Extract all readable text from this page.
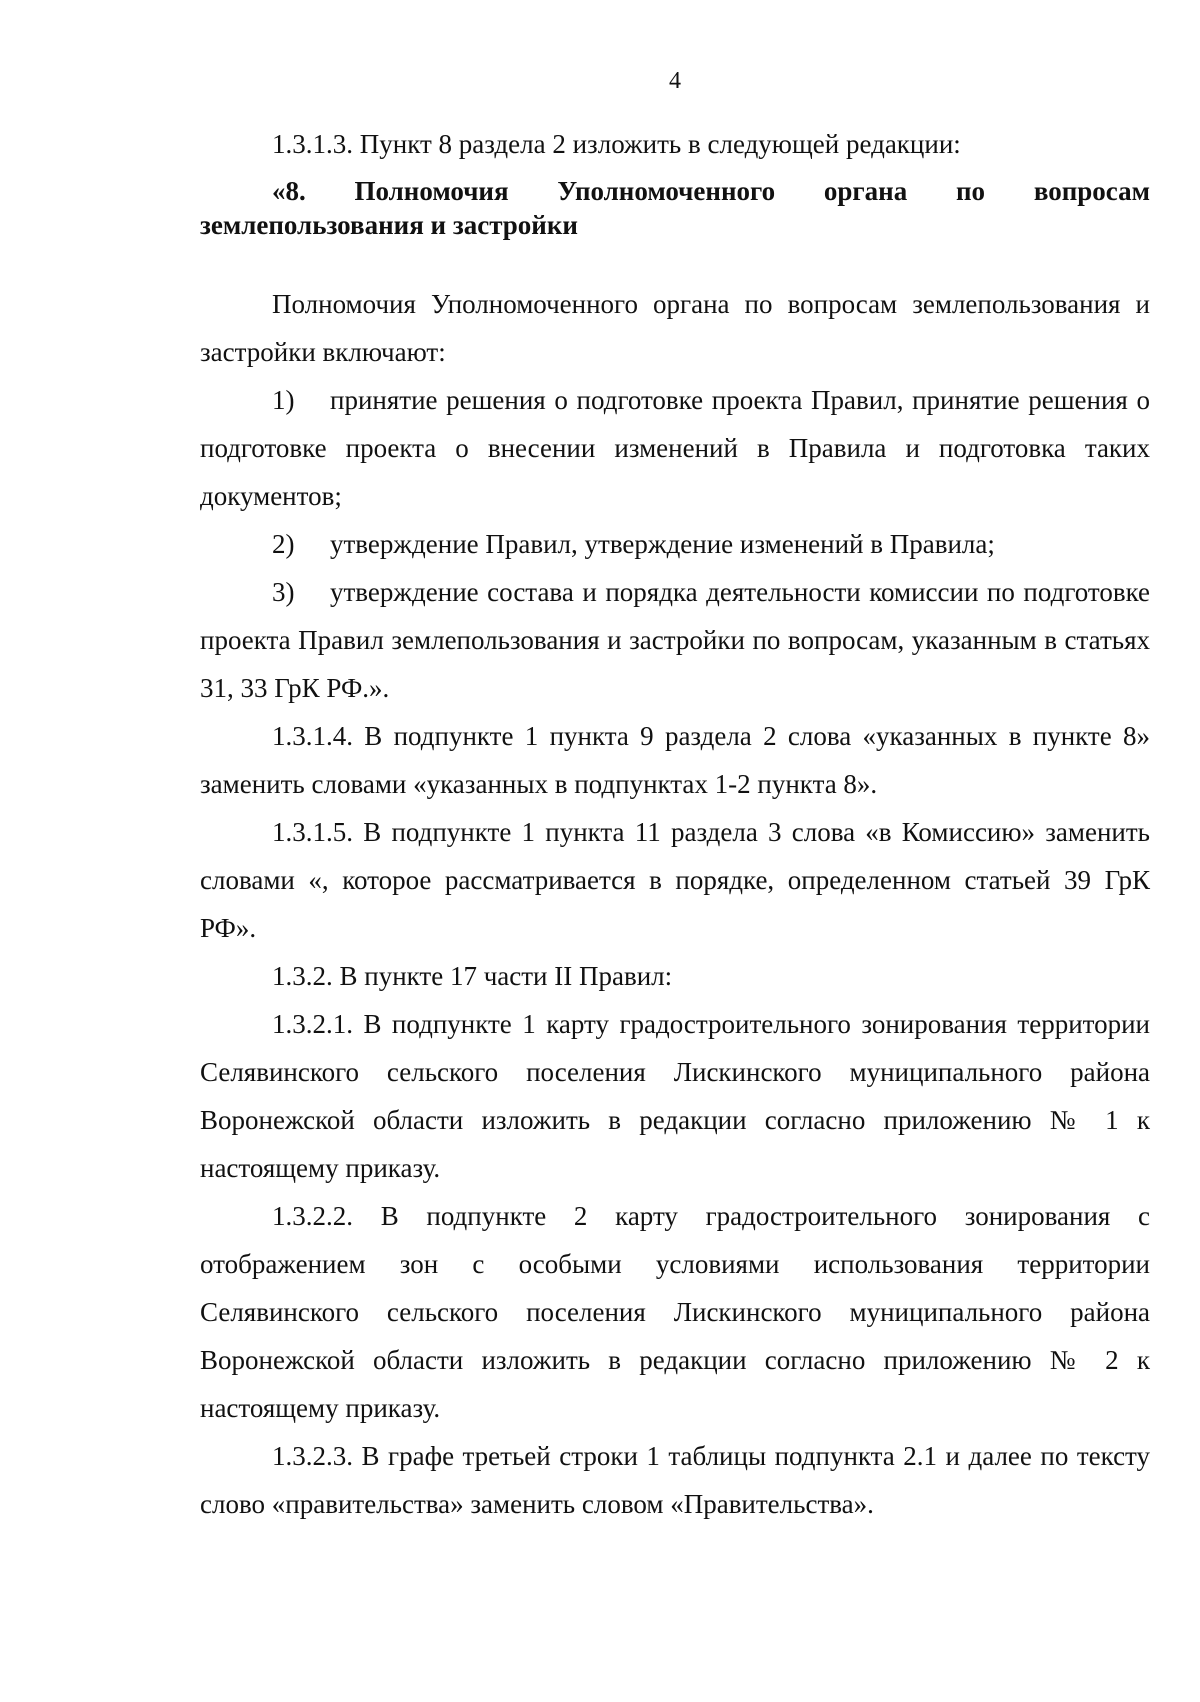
4

1.3.1.3. Пункт 8 раздела 2 изложить в следующей редакции:

«8. Полномочия Уполномоченного органа по вопросам
землепользования и застройки

Полномочия Уполномоченного органа по вопросам землепользования и застройки включают:

1) принятие решения о подготовке проекта Правил, принятие решения о подготовке проекта о внесении изменений в Правила и подготовка таких документов;

2) утверждение Правил, утверждение изменений в Правила;

3) утверждение состава и порядка деятельности комиссии по подготовке проекта Правил землепользования и застройки по вопросам, указанным в статьях 31, 33 ГрК РФ.».

1.3.1.4. В подпункте 1 пункта 9 раздела 2 слова «указанных в пункте 8» заменить словами «указанных в подпунктах 1-2 пункта 8».

1.3.1.5. В подпункте 1 пункта 11 раздела 3 слова «в Комиссию» заменить словами «, которое рассматривается в порядке, определенном статьей 39 ГрК РФ».

1.3.2. В пункте 17 части II Правил:

1.3.2.1. В подпункте 1 карту градостроительного зонирования территории Селявинского сельского поселения Лискинского муниципального района Воронежской области изложить в редакции согласно приложению № 1 к настоящему приказу.

1.3.2.2. В подпункте 2 карту градостроительного зонирования с отображением зон с особыми условиями использования территории Селявинского сельского поселения Лискинского муниципального района Воронежской области изложить в редакции согласно приложению № 2 к настоящему приказу.

1.3.2.3. В графе третьей строки 1 таблицы подпункта 2.1 и далее по тексту слово «правительства» заменить словом «Правительства».
